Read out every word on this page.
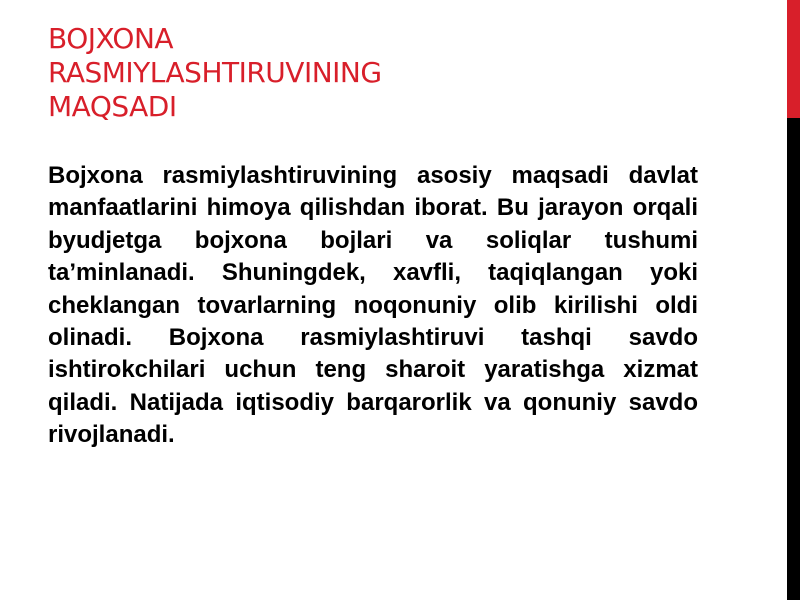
BOJXONA
RASMIYLASHTIRUVINING
MAQSADI

Bojxona rasmiylashtiruvining asosiy maqsadi davlat manfaatlarini himoya qilishdan iborat. Bu jarayon orqali byudjetga bojxona bojlari va soliqlar tushumi ta’minlanadi. Shuningdek, xavfli, taqiqlangan yoki cheklangan tovarlarning noqonuniy olib kirilishi oldi olinadi. Bojxona rasmiylashtiruvi tashqi savdo ishtirokchilari uchun teng sharoit yaratishga xizmat qiladi. Natijada iqtisodiy barqarorlik va qonuniy savdo rivojlanadi.
